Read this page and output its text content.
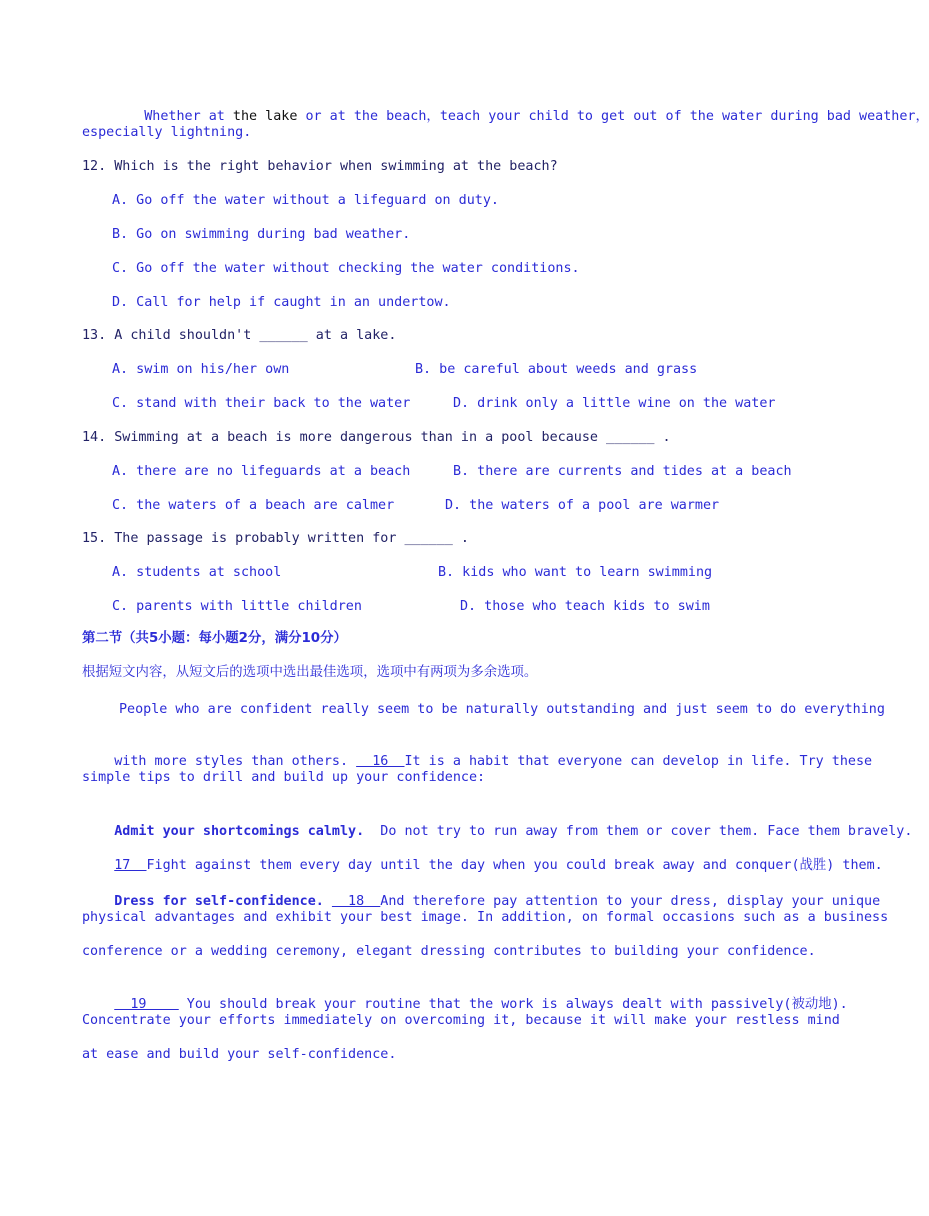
Whether at the lake or at the beach，teach your child to get out of the water during bad weather，

especially lightning.
12. Which is the right behavior when swimming at the beach?
A. Go off the water without a lifeguard on duty.
B. Go on swimming during bad weather.
C. Go off the water without checking the water conditions.
D. Call for help if caught in an undertow.
13. A child shouldn't ______ at a lake.
A. swim on his/her own	B. be careful about weeds and grass
C. stand with their back to the water	D. drink only a little wine on the water
14. Swimming at a beach is more dangerous than in a pool because ______ .
A. there are no lifeguards at a beach	B. there are currents and tides at a beach
C. the waters of a beach are calmer	D. the waters of a pool are warmer
15. The passage is probably written for ______ .
A. students at school	B. kids who want to learn swimming
C. parents with little children	D. those who teach kids to swim
第二节（共5小题：每小题2分，满分10分）
根据短文内容，从短文后的选项中选出最佳选项，选项中有两项为多余选项。
People who are confident really seem to be naturally outstanding and just seem to do everything

with more styles than others.   16  It is a habit that everyone can develop in life. Try these

simple tips to drill and build up your confidence:

Admit your shortcomings calmly.  Do not try to run away from them or cover them. Face them bravely.

17  Fight against them every day until the day when you could break away and conquer(战胜) them.

Dress for self-confidence.   18  And therefore pay attention to your dress, display your unique

physical advantages and exhibit your best image. In addition, on formal occasions such as a business
conference or a wedding ceremony, elegant dressing contributes to building your confidence.

19     You should break your routine that the work is always dealt with passively(被动地).

Concentrate your efforts immediately on overcoming it, because it will make your restless mind
at ease and build your self-confidence.
